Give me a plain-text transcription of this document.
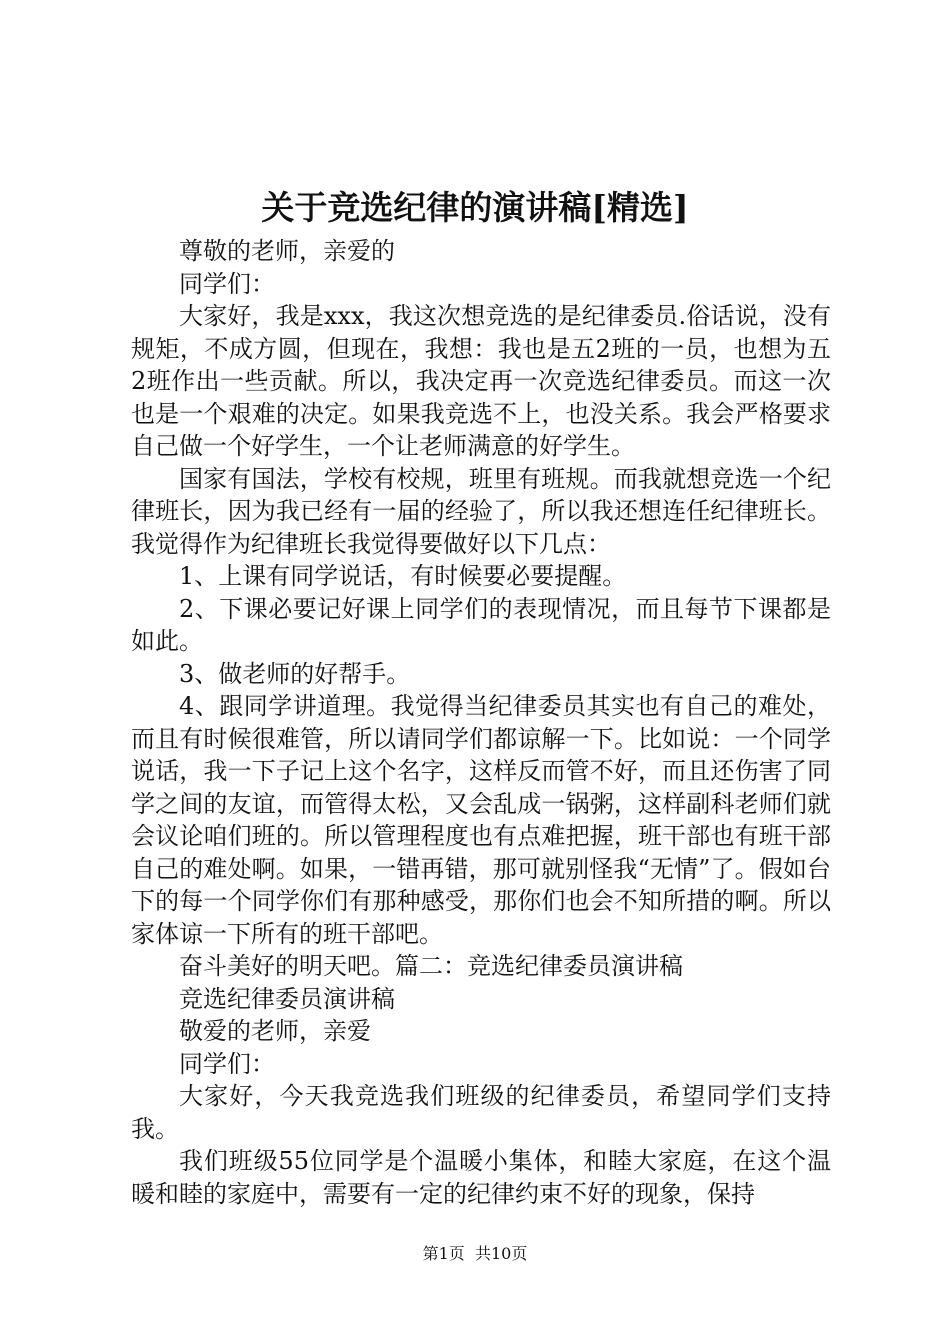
关于竞选纪律的演讲稿[精选]

尊敬的老师，亲爱的

同学们：

大家好，我是xxx，我这次想竞选的是纪律委员.俗话说，没有规矩，不成方圆，但现在，我想：我也是五2班的一员，也想为五2班作出一些贡献。所以，我决定再一次竞选纪律委员。而这一次也是一个艰难的决定。如果我竞选不上，也没关系。我会严格要求自己做一个好学生，一个让老师满意的好学生。

国家有国法，学校有校规，班里有班规。而我就想竞选一个纪律班长，因为我已经有一届的经验了，所以我还想连任纪律班长。我觉得作为纪律班长我觉得要做好以下几点：

1、上课有同学说话，有时候要必要提醒。

2、下课必要记好课上同学们的表现情况，而且每节下课都是如此。

3、做老师的好帮手。

4、跟同学讲道理。我觉得当纪律委员其实也有自己的难处，而且有时候很难管，所以请同学们都谅解一下。比如说：一个同学说话，我一下子记上这个名字，这样反而管不好，而且还伤害了同学之间的友谊，而管得太松，又会乱成一锅粥，这样副科老师们就会议论咱们班的。所以管理程度也有点难把握，班干部也有班干部自己的难处啊。如果，一错再错，那可就别怪我“无情”了。假如台下的每一个同学你们有那种感受，那你们也会不知所措的啊。所以家体谅一下所有的班干部吧。

奋斗美好的明天吧。篇二：竞选纪律委员演讲稿

竞选纪律委员演讲稿

敬爱的老师，亲爱

同学们：

大家好，今天我竞选我们班级的纪律委员，希望同学们支持我。

我们班级55位同学是个温暖小集体，和睦大家庭，在这个温暖和睦的家庭中，需要有一定的纪律约束不好的现象，保持

第1页 共10页
